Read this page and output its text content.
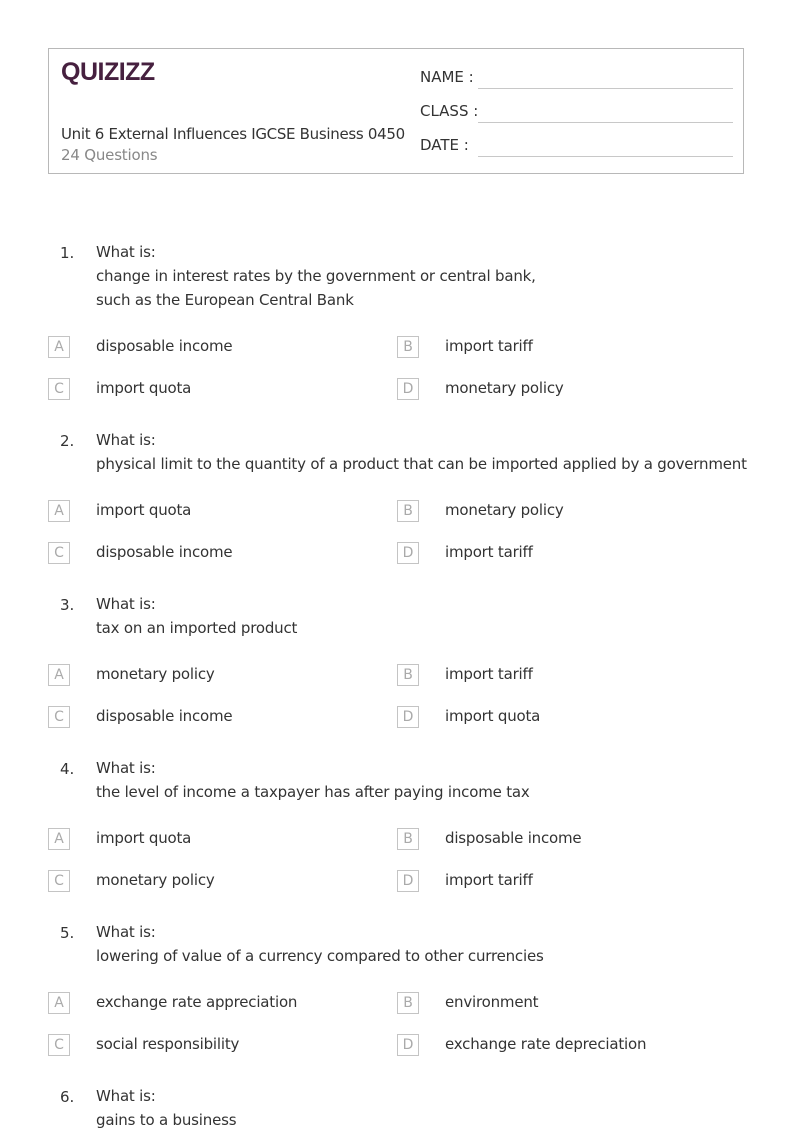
QUIZIZZ
Unit 6 External Influences IGCSE Business 0450
24 Questions
NAME :
CLASS :
DATE :
1. What is:
change in interest rates by the government or central bank,
such as the European Central Bank
A	disposable income	B	import tariff
C	import quota	D	monetary policy
2. What is:
physical limit to the quantity of a product that can be imported applied by a government
A	import quota	B	monetary policy
C	disposable income	D	import tariff
3. What is:
tax on an imported product
A	monetary policy	B	import tariff
C	disposable income	D	import quota
4. What is:
the level of income a taxpayer has after paying income tax
A	import quota	B	disposable income
C	monetary policy	D	import tariff
5. What is:
lowering of value of a currency compared to other currencies
A	exchange rate appreciation	B	environment
C	social responsibility	D	exchange rate depreciation
6. What is:
gains to a business
